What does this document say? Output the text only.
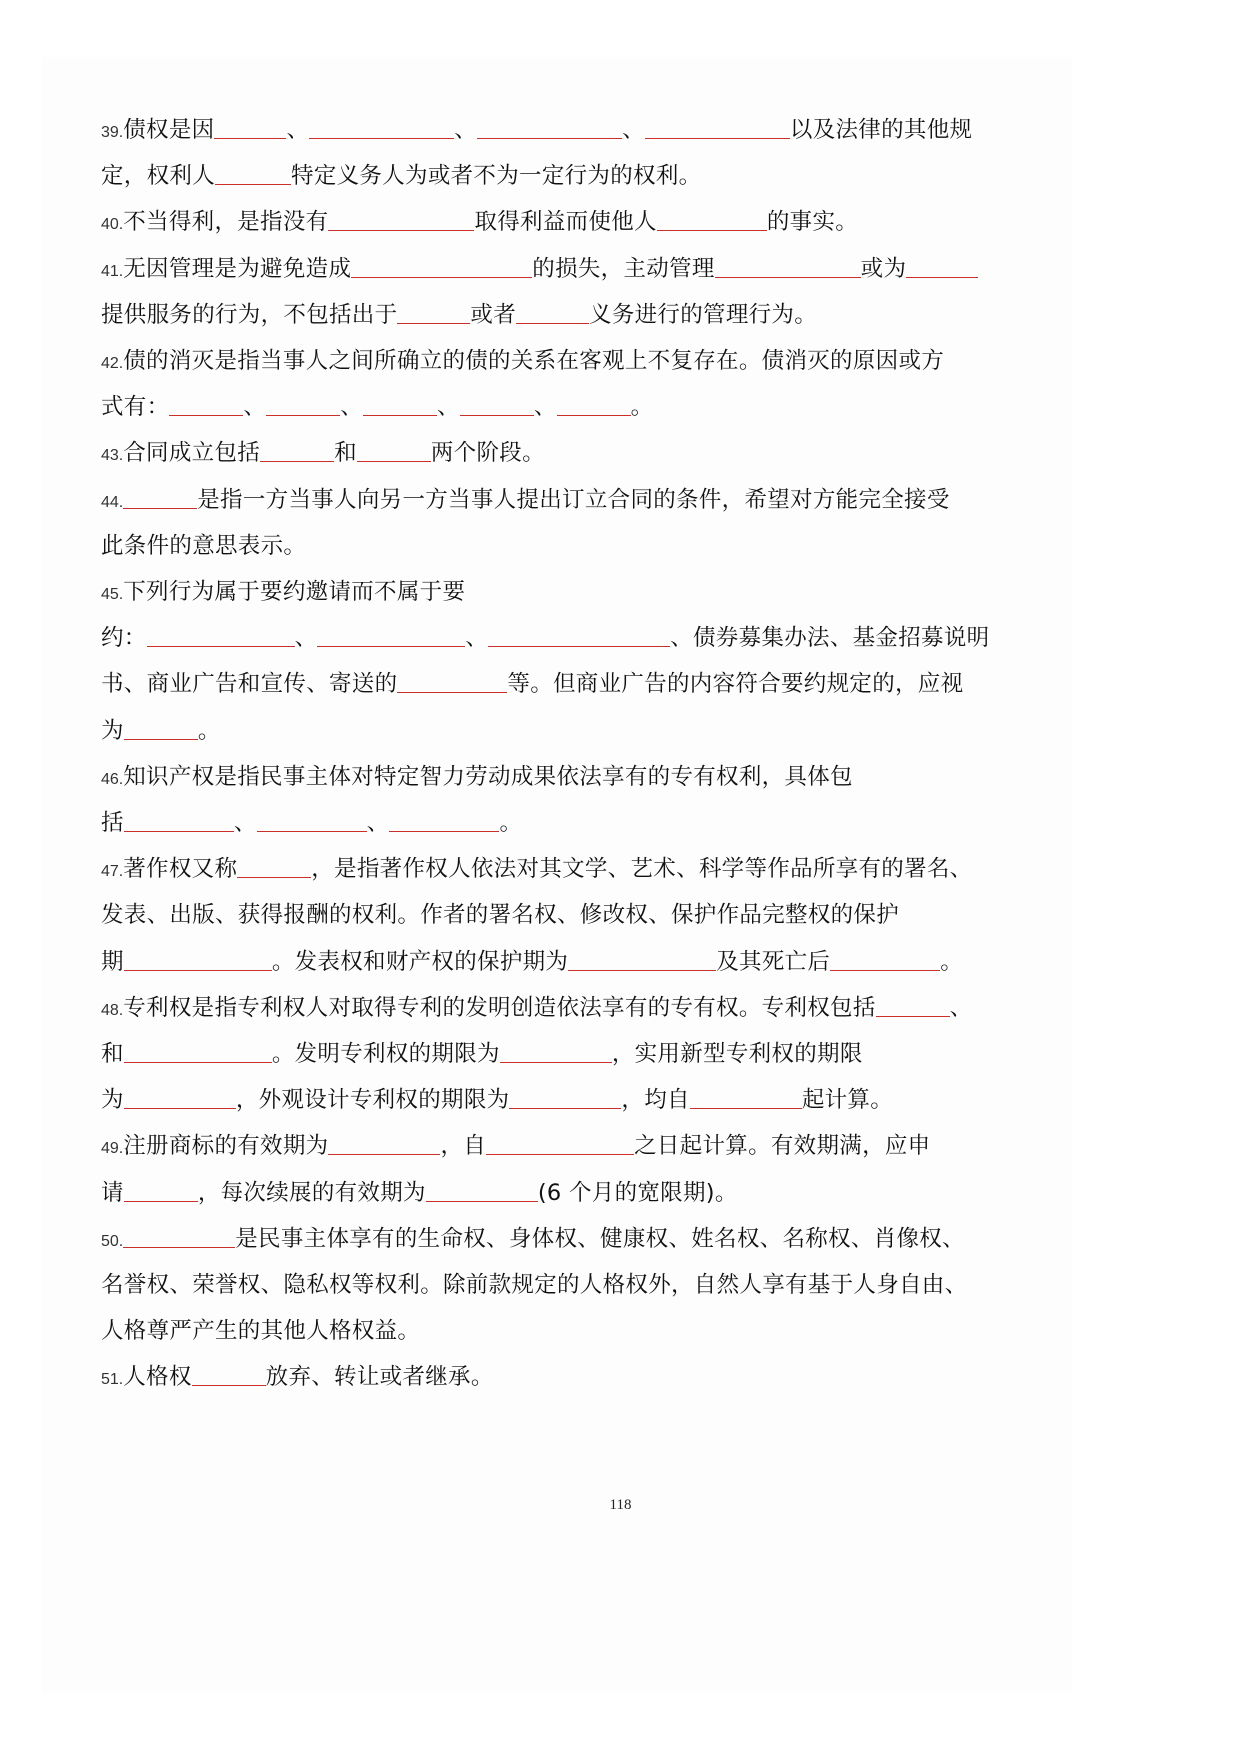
39.债权是因	、	、	、	以及法律的其他规
定，权利人	特定义务人为或者不为一定行为的权利。
40.不当得利，是指没有	取得利益而使他人	的事实。
41.无因管理是为避免造成	的损失，主动管理	或为
提供服务的行为，不包括出于	或者	义务进行的管理行为。
42.债的消灭是指当事人之间所确立的债的关系在客观上不复存在。债消灭的原因或方
式有：	、	、	、	、	。
43.合同成立包括	和	两个阶段。
44.	是指一方当事人向另一方当事人提出订立合同的条件，希望对方能完全接受
此条件的意思表示。
45.下列行为属于要约邀请而不属于要
约：	、	、	、债券募集办法、基金招募说明
书、商业广告和宣传、寄送的	等。但商业广告的内容符合要约规定的，应视
为	。
46.知识产权是指民事主体对特定智力劳动成果依法享有的专有权利，具体包
括	、	、	。
47.著作权又称	，是指著作权人依法对其文学、艺术、科学等作品所享有的署名、
发表、出版、获得报酬的权利。作者的署名权、修改权、保护作品完整权的保护
期	。发表权和财产权的保护期为	及其死亡后	。
48.专利权是指专利权人对取得专利的发明创造依法享有的专有权。专利权包括	、
和	。发明专利权的期限为	，实用新型专利权的期限
为	，外观设计专利权的期限为	，均自	起计算。
49.注册商标的有效期为	，自	之日起计算。有效期满，应申
请	，每次续展的有效期为	(6 个月的宽限期)。
50.	是民事主体享有的生命权、身体权、健康权、姓名权、名称权、肖像权、
名誉权、荣誉权、隐私权等权利。除前款规定的人格权外，自然人享有基于人身自由、
人格尊严产生的其他人格权益。
51.人格权	放弃、转让或者继承。
118
